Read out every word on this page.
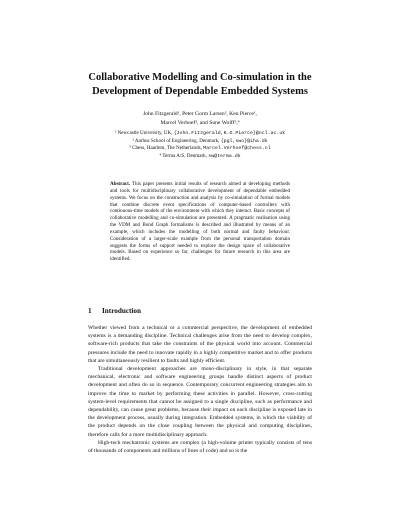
Collaborative Modelling and Co-simulation in the
Development of Dependable Embedded Systems
John Fitzgerald¹, Peter Gorm Larsen², Ken Pierce¹,
Marcel Verhoef³, and Sune Wolff²,⁴
¹ Newcastle University, UK, {John.Fitzgerald,K.G.Pierce}@ncl.ac.uk
² Aarhus School of Engineering, Denmark, {pgl,swo}@iha.dk
³ Chess, Haarlem, The Netherlands, Marcel.Verhoef@chess.nl
⁴ Terma A/S, Denmark, sw@terma.dk
Abstract. This paper presents initial results of research aimed at developing methods and tools for multidisciplinary collaborative development of dependable embedded systems. We focus on the construction and analysis by co-simulation of formal models that combine discrete event specifications of computer-based controllers with continuous-time models of the environment with which they interact. Basic concepts of collaborative modelling and co-simulation are presented. A pragmatic realisation using the VDM and Bond Graph formalisms is described and illustrated by means of an example, which includes the modelling of both normal and faulty behaviour. Consideration of a larger-scale example from the personal transportation domain suggests the forms of support needed to explore the design space of collaborative models. Based on experience so far, challenges for future research in this area are identified.
1 Introduction

Whether viewed from a technical or a commercial perspective, the development of embedded systems is a demanding discipline. Technical challenges arise from the need to develop complex, software-rich products that take the constraints of the physical world into account. Commercial pressures include the need to innovate rapidly in a highly competitive market and to offer products that are simultaneously resilient to faults and highly efficient.

Traditional development approaches are mono-disciplinary in style, in that separate mechanical, electronic and software engineering groups handle distinct aspects of product development and often do so in sequence. Contemporary concurrent engineering strategies aim to improve the time to market by performing these activities in parallel. However, cross-cutting system-level requirements that cannot be assigned to a single discipline, such as performance and dependability, can cause great problems, because their impact on each discipline is exposed late in the development process, usually during integration. Embedded systems, in which the viability of the product depends on the close coupling between the physical and computing disciplines, therefore calls for a more multidisciplinary approach.

High-tech mechatronic systems are complex (a high-volume printer typically consists of tens of thousands of components and millions of lines of code) and so is the
